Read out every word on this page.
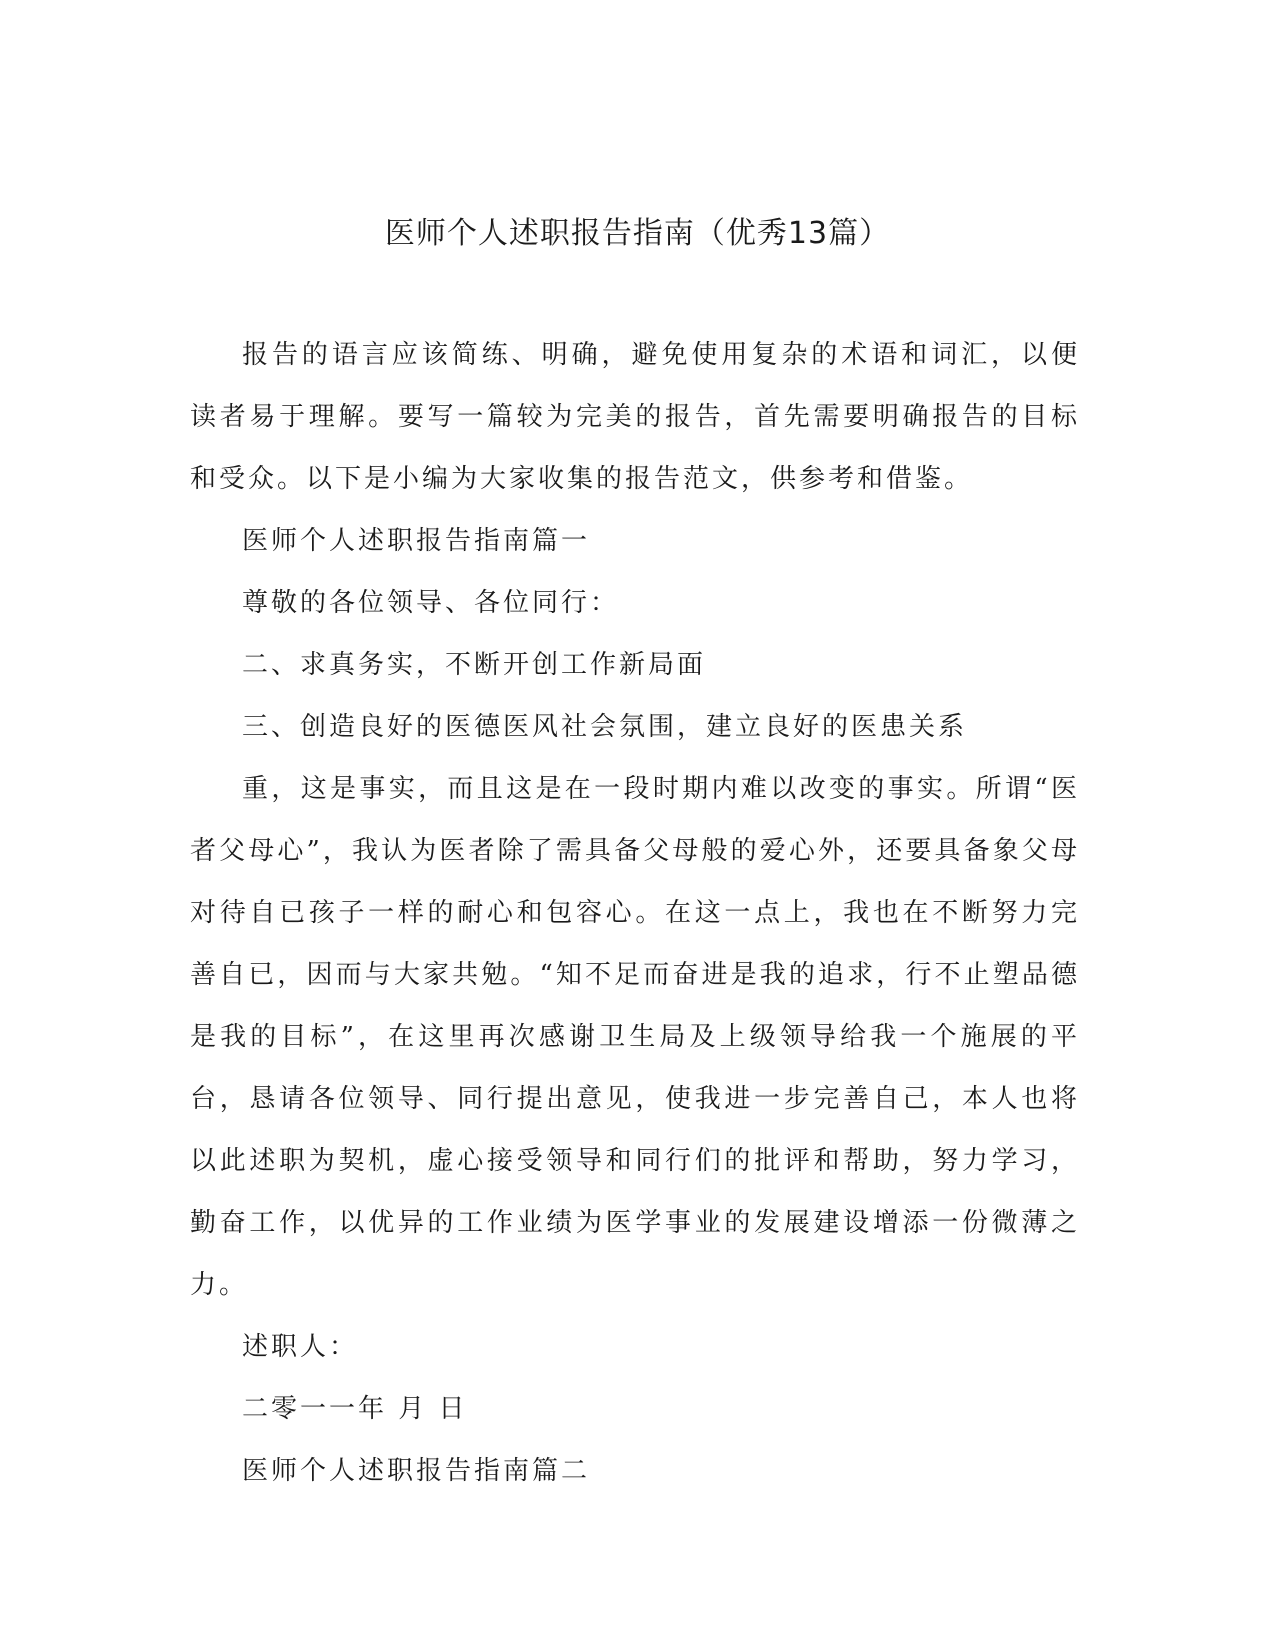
医师个人述职报告指南（优秀13篇）

报告的语言应该简练、明确，避免使用复杂的术语和词汇，以便读者易于理解。要写一篇较为完美的报告，首先需要明确报告的目标和受众。以下是小编为大家收集的报告范文，供参考和借鉴。

医师个人述职报告指南篇一

尊敬的各位领导、各位同行：

二、求真务实，不断开创工作新局面

三、创造良好的医德医风社会氛围，建立良好的医患关系

重，这是事实，而且这是在一段时期内难以改变的事实。所谓“医者父母心”，我认为医者除了需具备父母般的爱心外，还要具备象父母对待自已孩子一样的耐心和包容心。在这一点上，我也在不断努力完善自已，因而与大家共勉。“知不足而奋进是我的追求，行不止塑品德是我的目标”，在这里再次感谢卫生局及上级领导给我一个施展的平台，恳请各位领导、同行提出意见，使我进一步完善自己，本人也将以此述职为契机，虚心接受领导和同行们的批评和帮助，努力学习，勤奋工作，以优异的工作业绩为医学事业的发展建设增添一份微薄之力。

述职人：

二零一一年 月 日

医师个人述职报告指南篇二
